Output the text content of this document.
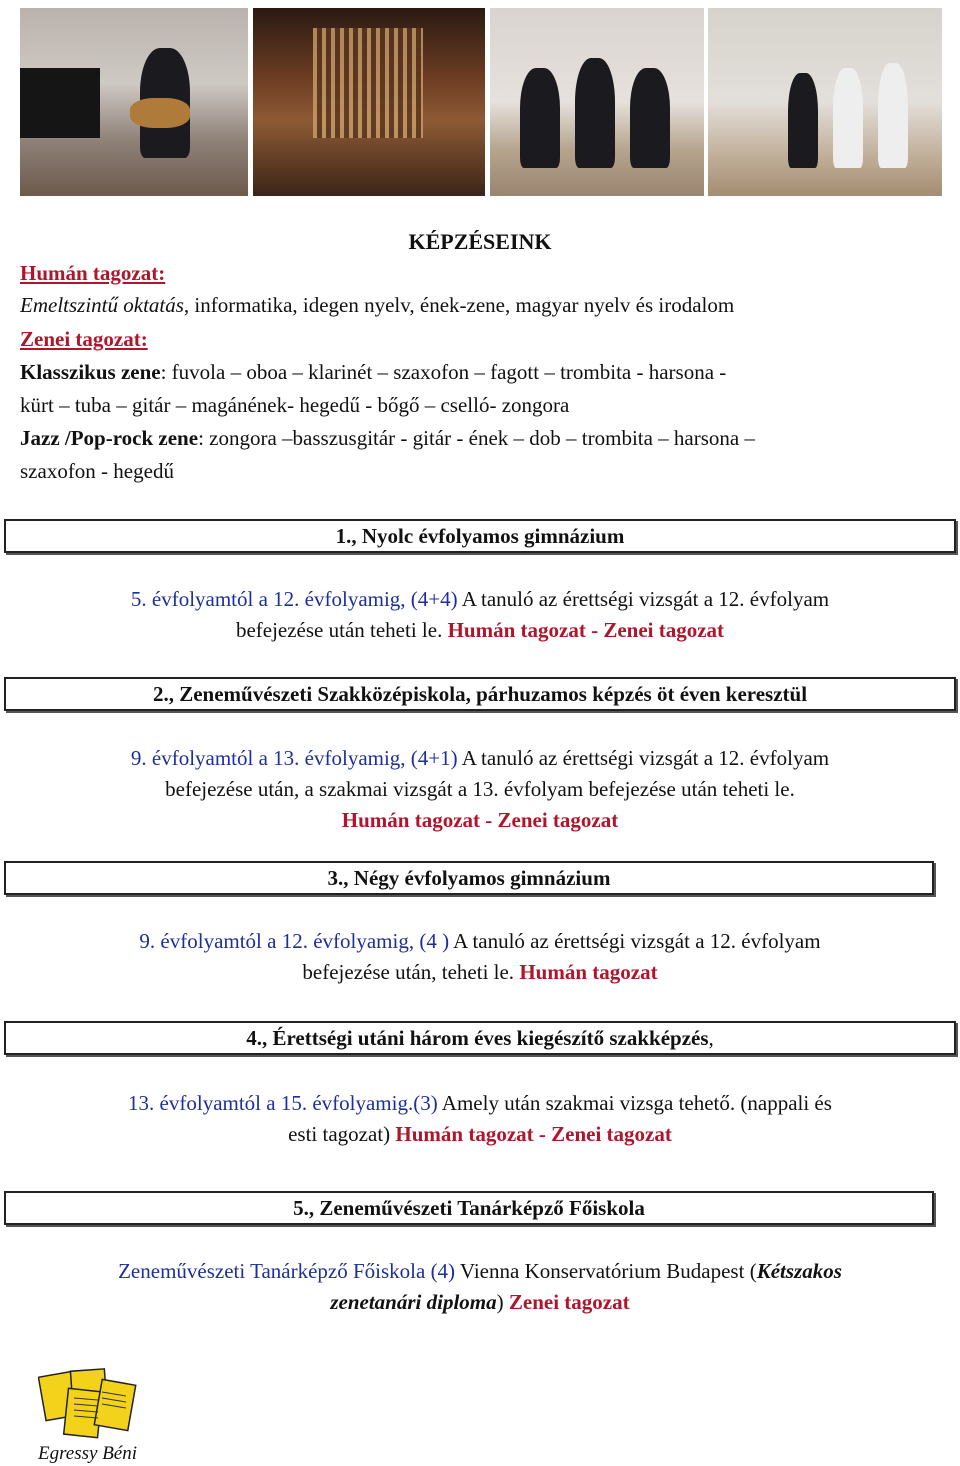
KÉPZÉSEINK
Humán tagozat:
Emeltszintű oktatás, informatika, idegen nyelv, ének-zene, magyar nyelv és irodalom
Zenei tagozat:
Klasszikus zene: fuvola – oboa – klarinét – szaxofon – fagott – trombita - harsona -
kürt – tuba – gitár – magánének- hegedű - bőgő – cselló- zongora
Jazz /Pop-rock zene: zongora –basszusgitár - gitár - ének – dob – trombita – harsona –
szaxofon - hegedű
1., Nyolc évfolyamos gimnázium
5. évfolyamtól a 12. évfolyamig, (4+4) A tanuló az érettségi vizsgát a 12. évfolyam
befejezése után teheti le. Humán tagozat - Zenei tagozat
2., Zeneművészeti Szakközépiskola, párhuzamos képzés öt éven keresztül
9. évfolyamtól a 13. évfolyamig, (4+1) A tanuló az érettségi vizsgát a 12. évfolyam
befejezése után, a szakmai vizsgát a 13. évfolyam befejezése után teheti le.
Humán tagozat - Zenei tagozat
3., Négy évfolyamos gimnázium
9. évfolyamtól a 12. évfolyamig, (4 ) A tanuló az érettségi vizsgát a 12. évfolyam
befejezése után, teheti le. Humán tagozat
4., Érettségi utáni három éves kiegészítő szakképzés,
13. évfolyamtól a 15. évfolyamig.(3) Amely után szakmai vizsga tehető. (nappali és
esti tagozat) Humán tagozat - Zenei tagozat
5., Zeneművészeti Tanárképző Főiskola
Zeneművészeti Tanárképző Főiskola (4) Vienna Konservatórium Budapest (Kétszakos
zenetanári diploma) Zenei tagozat
Egressy Béni
